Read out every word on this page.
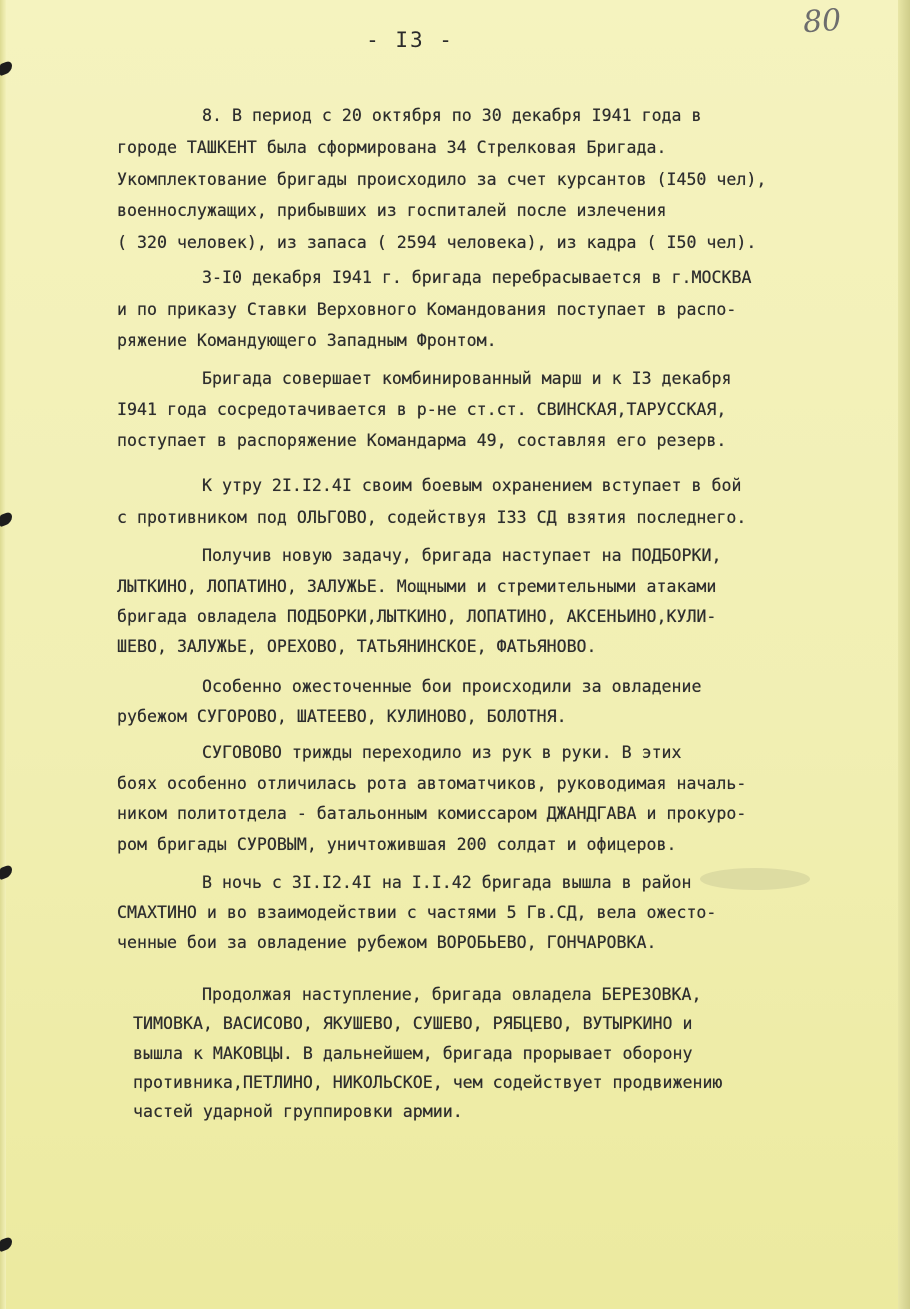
- I3 -	80
8. В период с 20 октября по 30 декабря I941 года в
городе ТАШКЕНТ была сформирована 34 Стрелковая Бригада.
Укомплектование бригады происходило за счет курсантов (I450 чел),
военнослужащих, прибывших из госпиталей после излечения
( 320 человек), из запаса ( 2594 человека), из кадра ( I50 чел).
3-I0 декабря I941 г. бригада перебрасывается в г.МОСКВА
и по приказу Ставки Верховного Командования поступает в распо-
ряжение Командующего Западным Фронтом.
Бригада совершает комбинированный марш и к I3 декабря
I941 года сосредотачивается в р-не ст.ст. СВИНСКАЯ,ТАРУССКАЯ,
поступает в распоряжение Командарма 49, составляя его резерв.
К утру 2I.I2.4I своим боевым охранением вступает в бой
с противником под ОЛЬГОВО, содействуя I33 СД взятия последнего.
Получив новую задачу, бригада наступает на ПОДБОРКИ,
ЛЫТКИНО, ЛОПАТИНО, ЗАЛУЖЬЕ. Мощными и стремительными атаками
бригада овладела ПОДБОРКИ,ЛЫТКИНО, ЛОПАТИНО, АКСЕНЬИНО,КУЛИ-
ШЕВО, ЗАЛУЖЬЕ, ОРЕХОВО, ТАТЬЯНИНСКОЕ, ФАТЬЯНОВО.
Особенно ожесточенные бои происходили за овладение
рубежом СУГОРОВО, ШАТЕЕВО, КУЛИНОВО, БОЛОТНЯ.
СУГОВОВО трижды переходило из рук в руки. В этих
боях особенно отличилась рота автоматчиков, руководимая началь-
ником политотдела - батальонным комиссаром ДЖАНДГАВА и прокуро-
ром бригады СУРОВЫМ, уничтожившая 200 солдат и офицеров.
В ночь с 3I.I2.4I на I.I.42 бригада вышла в район
СМАХТИНО и во взаимодействии с частями 5 Гв.СД, вела ожесто-
ченные бои за овладение рубежом ВОРОБЬЕВО, ГОНЧАРОВКА.
Продолжая наступление, бригада овладела БЕРЕЗОВКА,
ТИМОВКА, ВАСИСОВО, ЯКУШЕВО, СУШЕВО, РЯБЦЕВО, ВУТЫРКИНО и
вышла к МАКОВЦЫ. В дальнейшем, бригада прорывает оборону
противника,ПЕТЛИНО, НИКОЛЬСКОЕ, чем содействует продвижению
частей ударной группировки армии.
